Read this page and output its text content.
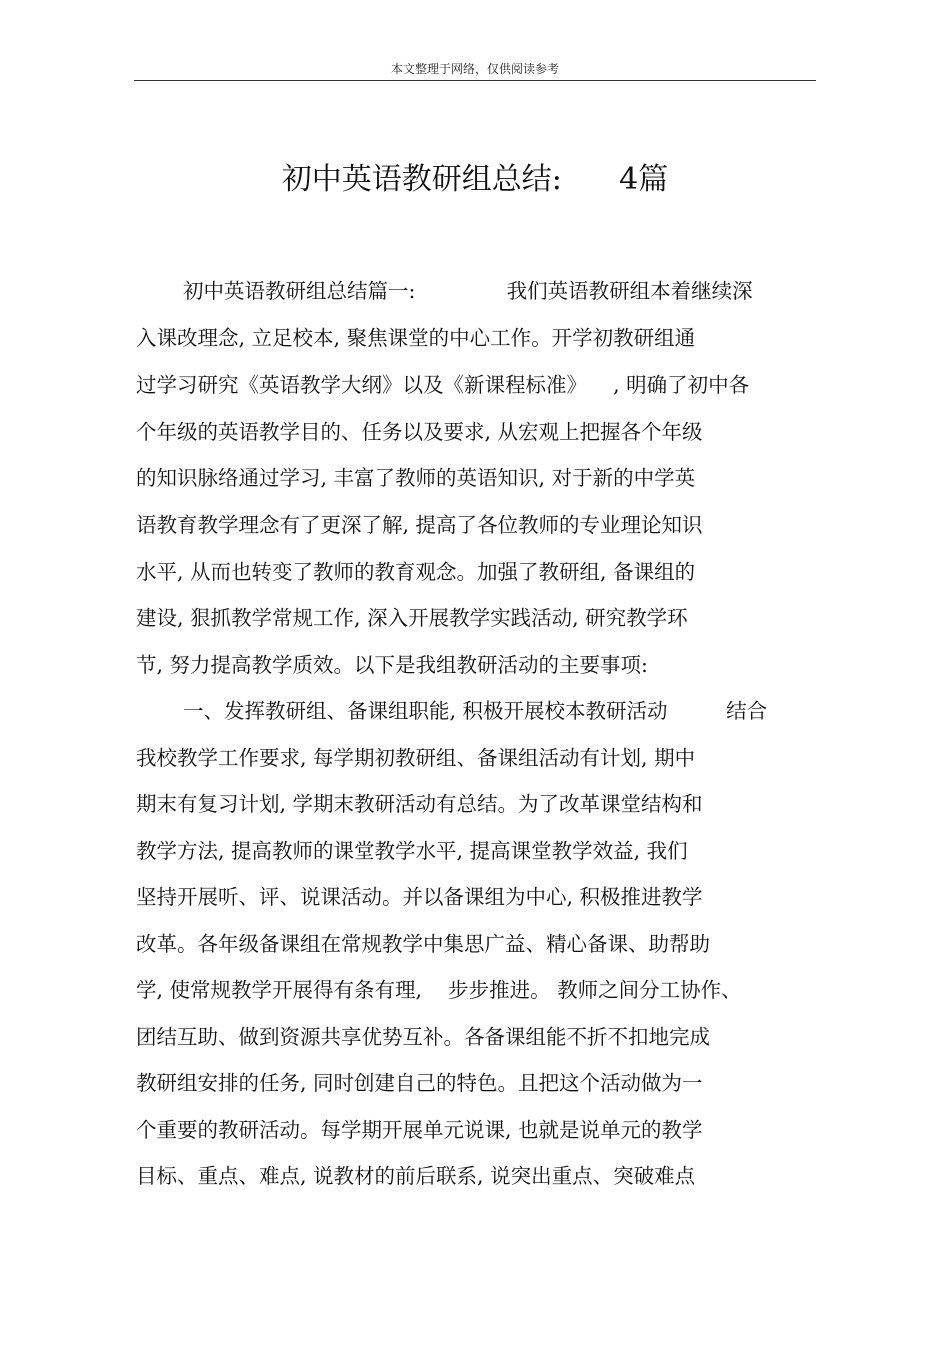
本文整理于网络，仅供阅读参考
初中英语教研组总结:      4篇
初中英语教研组总结篇一:              我们英语教研组本着继续深
入课改理念, 立足校本, 聚焦课堂的中心工作。开学初教研组通
过学习研究《英语教学大纲》以及《新课程标准》    , 明确了初中各
个年级的英语教学目的、任务以及要求, 从宏观上把握各个年级
的知识脉络通过学习, 丰富了教师的英语知识, 对于新的中学英
语教育教学理念有了更深了解, 提高了各位教师的专业理论知识
水平, 从而也转变了教师的教育观念。加强了教研组, 备课组的
建设, 狠抓教学常规工作, 深入开展教学实践活动, 研究教学环
节, 努力提高教学质效。以下是我组教研活动的主要事项:
一、发挥教研组、备课组职能, 积极开展校本教研活动         结合
我校教学工作要求, 每学期初教研组、备课组活动有计划, 期中
期末有复习计划, 学期末教研活动有总结。为了改革课堂结构和
教学方法, 提高教师的课堂教学水平, 提高课堂教学效益, 我们
坚持开展听、评、说课活动。并以备课组为中心, 积极推进教学
改革。各年级备课组在常规教学中集思广益、精心备课、助帮助
学, 使常规教学开展得有条有理,    步步推进。 教师之间分工协作、
团结互助、做到资源共享优势互补。各备课组能不折不扣地完成
教研组安排的任务, 同时创建自己的特色。且把这个活动做为一
个重要的教研活动。每学期开展单元说课, 也就是说单元的教学
目标、重点、难点, 说教材的前后联系, 说突出重点、突破难点
